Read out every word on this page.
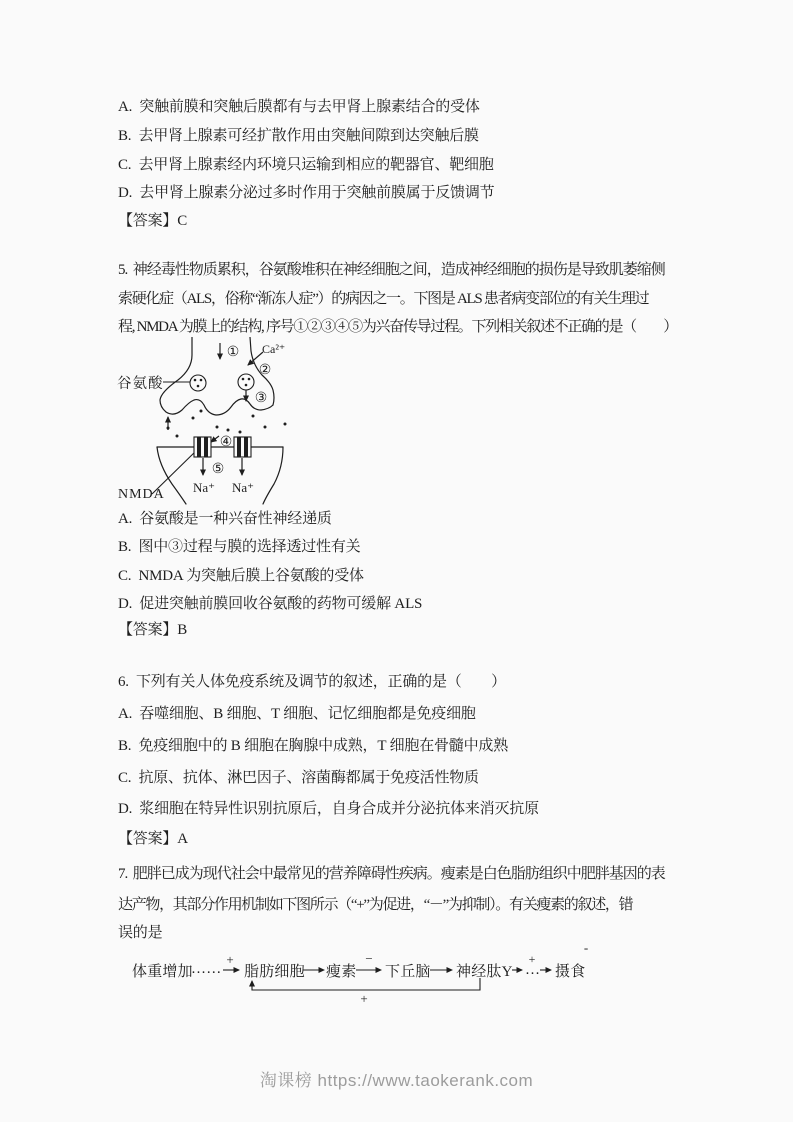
A.  突触前膜和突触后膜都有与去甲肾上腺素结合的受体
B.  去甲肾上腺素可经扩散作用由突触间隙到达突触后膜
C.  去甲肾上腺素经内环境只运输到相应的靶器官、靶细胞
D.  去甲肾上腺素分泌过多时作用于突触前膜属于反馈调节
【答案】C
5.  神经毒性物质累积，谷氨酸堆积在神经细胞之间，造成神经细胞的损伤是导致肌萎缩侧
索硬化症（ALS，俗称“渐冻人症”）的病因之一。下图是 ALS 患者病变部位的有关生理过
程, NMDA 为膜上的结构, 序号①②③④⑤为兴奋传导过程。下列相关叙述不正确的是（　　）
谷氨酸
Ca²⁺
①
②
③
④
⑤
Na⁺ Na⁺
NMDA
A.  谷氨酸是一种兴奋性神经递质
B.  图中③过程与膜的选择透过性有关
C.  NMDA 为突触后膜上谷氨酸的受体
D.  促进突触前膜回收谷氨酸的药物可缓解 ALS
【答案】B
6.  下列有关人体免疫系统及调节的叙述，正确的是（　　）
A.  吞噬细胞、B 细胞、T 细胞、记忆细胞都是免疫细胞
B.  免疫细胞中的 B 细胞在胸腺中成熟，T 细胞在骨髓中成熟
C.  抗原、抗体、淋巴因子、溶菌酶都属于免疫活性物质
D.  浆细胞在特异性识别抗原后，自身合成并分泌抗体来消灭抗原
【答案】A
7.  肥胖已成为现代社会中最常见的营养障碍性疾病。瘦素是白色脂肪组织中肥胖基因的表
达产物，其部分作用机制如下图所示（“+”为促进，“－”为抑制）。有关瘦素的叙述，错
误的是
体重增加
……
+
脂肪细胞 瘦素
−
下丘脑 神经肽Y …
+
摄食
+
-
淘课榜 https://www.taokerank.com
